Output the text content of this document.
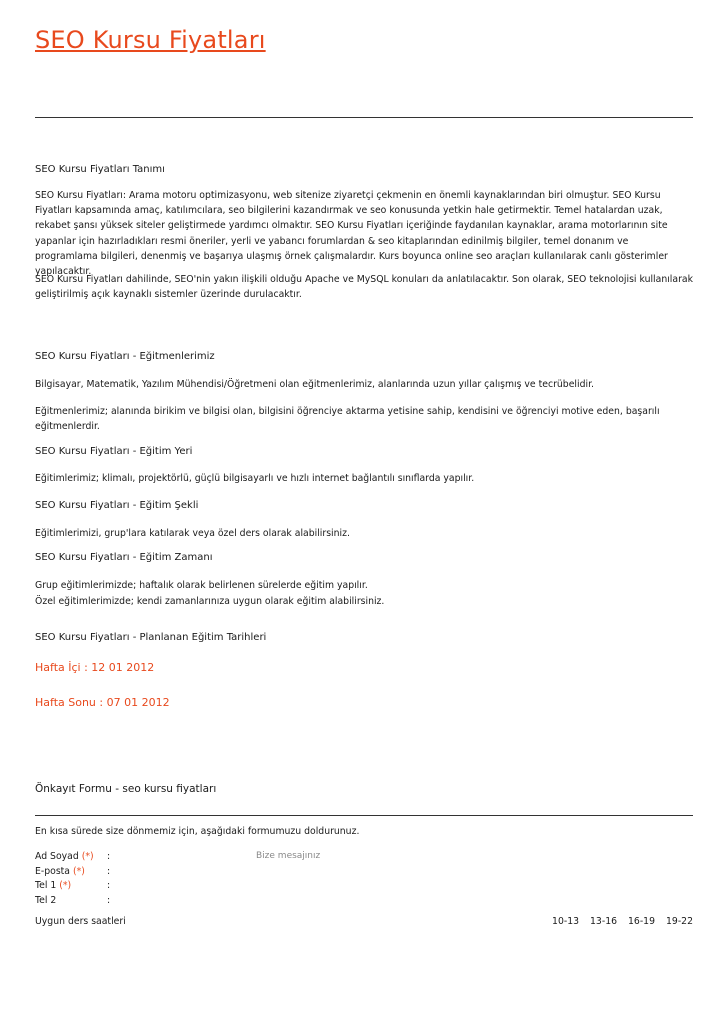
SEO Kursu Fiyatları
SEO Kursu Fiyatları Tanımı
SEO Kursu Fiyatları: Arama motoru optimizasyonu, web sitenize ziyaretçi çekmenin en önemli kaynaklarından biri olmuştur. SEO Kursu Fiyatları kapsamında amaç, katılımcılara, seo bilgilerini kazandırmak ve seo konusunda yetkin hale getirmektir. Temel hatalardan uzak, rekabet şansı yüksek siteler geliştirmede yardımcı olmaktır. SEO Kursu Fiyatları içeriğinde faydanılan kaynaklar, arama motorlarının site yapanlar için hazırladıkları resmi öneriler, yerli ve yabancı forumlardan & seo kitaplarından edinilmiş bilgiler, temel donanım ve programlama bilgileri, denenmiş ve başarıya ulaşmış örnek çalışmalardır. Kurs boyunca online seo araçları kullanılarak canlı gösterimler yapılacaktır.
SEO Kursu Fiyatları dahilinde, SEO'nin yakın ilişkili olduğu Apache ve MySQL konuları da anlatılacaktır. Son olarak, SEO teknolojisi kullanılarak geliştirilmiş açık kaynaklı sistemler üzerinde durulacaktır.
SEO Kursu Fiyatları - Eğitmenlerimiz
Bilgisayar, Matematik, Yazılım Mühendisi/Öğretmeni olan eğitmenlerimiz, alanlarında uzun yıllar çalışmış ve tecrübelidir.
Eğitmenlerimiz; alanında birikim ve bilgisi olan, bilgisini öğrenciye aktarma yetisine sahip, kendisini ve öğrenciyi motive eden, başarılı eğitmenlerdir.
SEO Kursu Fiyatları - Eğitim Yeri
Eğitimlerimiz; klimalı, projektörlü, güçlü bilgisayarlı ve hızlı internet bağlantılı sınıflarda yapılır.
SEO Kursu Fiyatları - Eğitim Şekli
Eğitimlerimizi, grup'lara katılarak veya özel ders olarak alabilirsiniz.
SEO Kursu Fiyatları - Eğitim Zamanı
Grup eğitimlerimizde; haftalık olarak belirlenen sürelerde eğitim yapılır.
Özel eğitimlerimizde; kendi zamanlarınıza uygun olarak eğitim alabilirsiniz.
SEO Kursu Fiyatları - Planlanan Eğitim Tarihleri
Hafta İçi : 12 01 2012
Hafta Sonu : 07 01 2012
Önkayıt Formu - seo kursu fiyatları
En kısa sürede size dönmemiz için, aşağıdaki formumuzu doldurunuz.
Ad Soyad (*) :	Bize mesajınız
E-posta (*) :
Tel 1 (*)	:
Tel 2	:
Uygun ders saatleri	10-13 13-16 16-19 19-22
